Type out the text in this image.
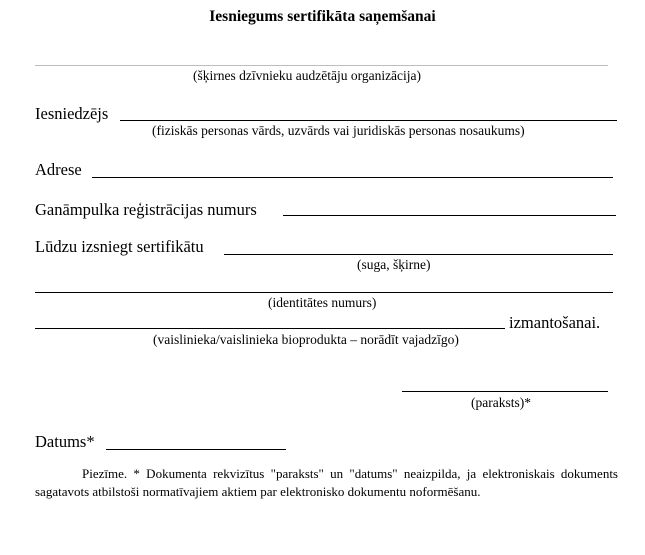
Iesniegums sertifikāta saņemšanai
(šķirnes dzīvnieku audzētāju organizācija)
Iesniedzējs
(fiziskās personas vārds, uzvārds vai juridiskās personas nosaukums)
Adrese
Ganāmpulka reģistrācijas numurs
Lūdzu izsniegt sertifikātu
(suga, šķirne)
(identitātes numurs)
izmantošanai.
(vaislinieka/vaislinieka bioprodukta – norādīt vajadzīgo)
(paraksts)*
Datums*
Piezīme. * Dokumenta rekvizītus "paraksts" un "datums" neaizpilda, ja elektroniskais dokuments sagatavots atbilstoši normatīvajiem aktiem par elektronisko dokumentu noformēšanu.
